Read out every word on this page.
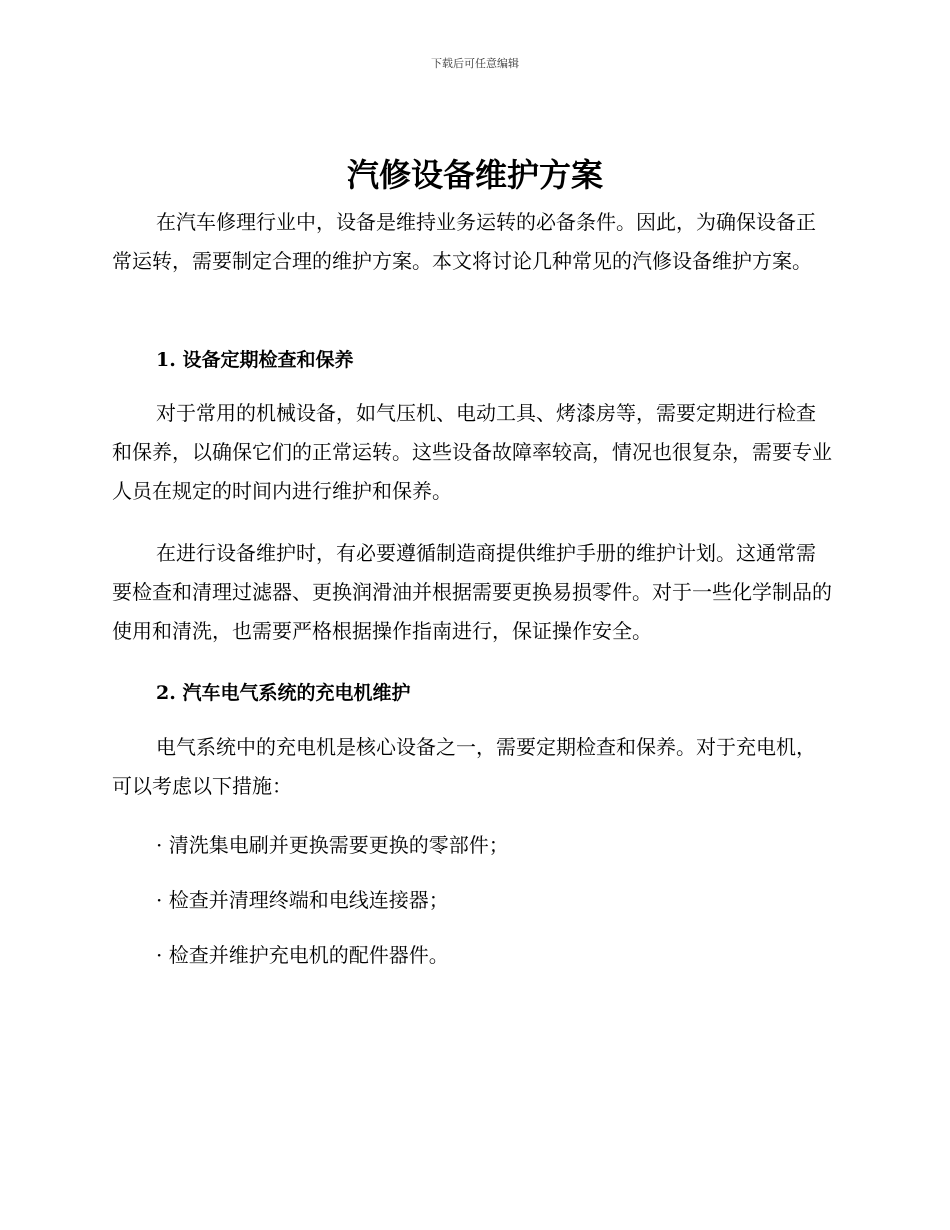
下载后可任意编辑
汽修设备维护方案

在汽车修理行业中，设备是维持业务运转的必备条件。因此，为确保设备正常运转，需要制定合理的维护方案。本文将讨论几种常见的汽修设备维护方案。

1. 设备定期检查和保养

对于常用的机械设备，如气压机、电动工具、烤漆房等，需要定期进行检查和保养，以确保它们的正常运转。这些设备故障率较高，情况也很复杂，需要专业人员在规定的时间内进行维护和保养。

在进行设备维护时，有必要遵循制造商提供维护手册的维护计划。这通常需要检查和清理过滤器、更换润滑油并根据需要更换易损零件。对于一些化学制品的使用和清洗，也需要严格根据操作指南进行，保证操作安全。

2. 汽车电气系统的充电机维护

电气系统中的充电机是核心设备之一，需要定期检查和保养。对于充电机，可以考虑以下措施：

· 清洗集电刷并更换需要更换的零部件；

· 检查并清理终端和电线连接器；

· 检查并维护充电机的配件器件。
